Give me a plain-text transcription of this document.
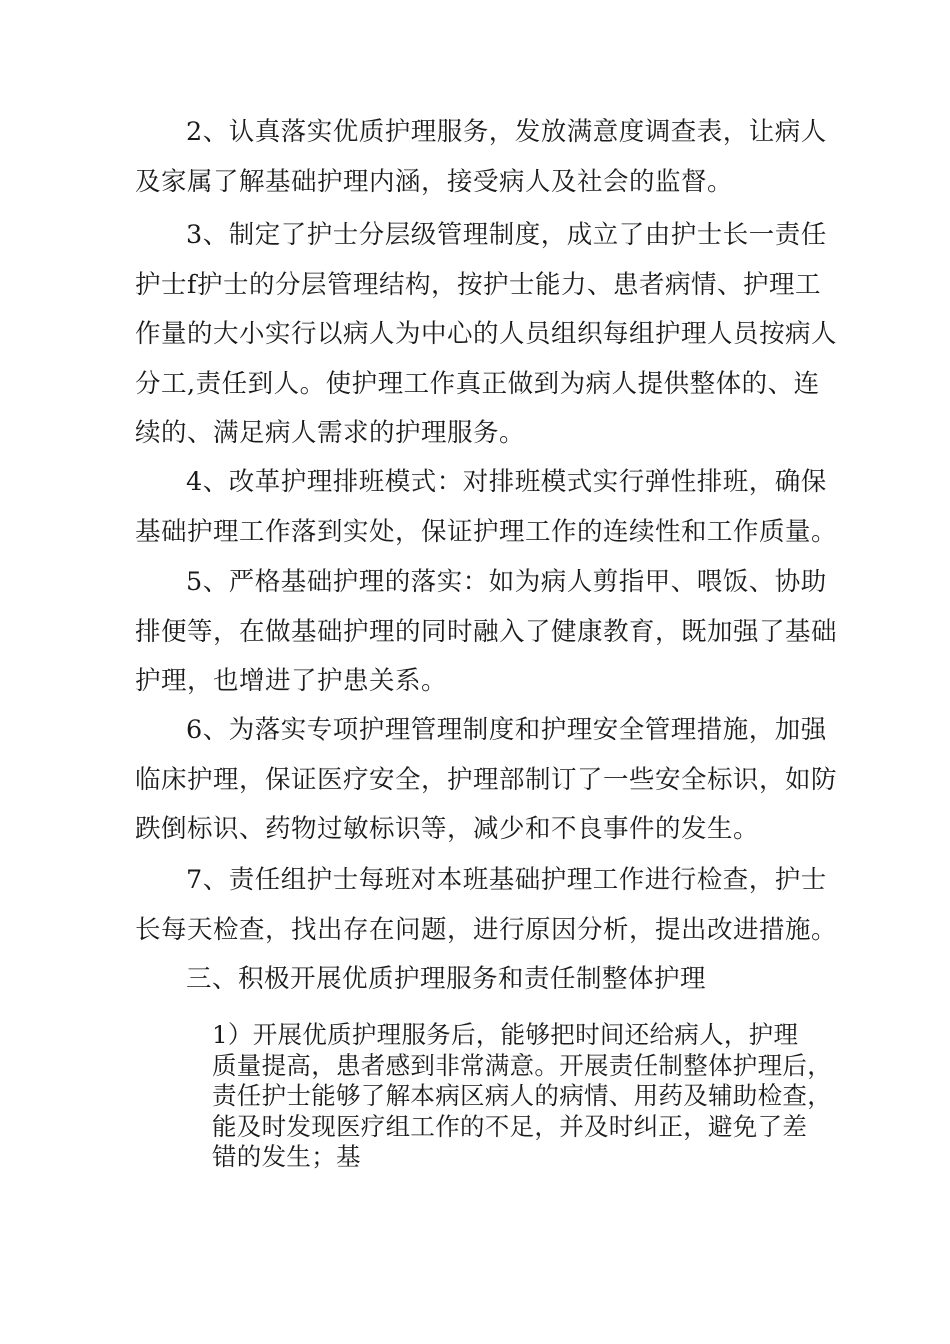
2、认真落实优质护理服务，发放满意度调查表，让病人
及家属了解基础护理内涵，接受病人及社会的监督。

3、制定了护士分层级管理制度，成立了由护士长一责任
护士f护士的分层管理结构，按护士能力、患者病情、护理工
作量的大小实行以病人为中心的人员组织每组护理人员按病人
分工,责任到人。使护理工作真正做到为病人提供整体的、连
续的、满足病人需求的护理服务。

4、改革护理排班模式：对排班模式实行弹性排班，确保
基础护理工作落到实处，保证护理工作的连续性和工作质量。

5、严格基础护理的落实：如为病人剪指甲、喂饭、协助
排便等，在做基础护理的同时融入了健康教育，既加强了基础
护理，也增进了护患关系。

6、为落实专项护理管理制度和护理安全管理措施，加强
临床护理，保证医疗安全，护理部制订了一些安全标识，如防
跌倒标识、药物过敏标识等，减少和不良事件的发生。

7、责任组护士每班对本班基础护理工作进行检查，护士
长每天检查，找出存在问题，进行原因分析，提出改进措施。

三、积极开展优质护理服务和责任制整体护理

1）开展优质护理服务后，能够把时间还给病人，护理
质量提高，患者感到非常满意。开展责任制整体护理后，
责任护士能够了解本病区病人的病情、用药及辅助检查，
能及时发现医疗组工作的不足，并及时纠正，避免了差
错的发生；基
